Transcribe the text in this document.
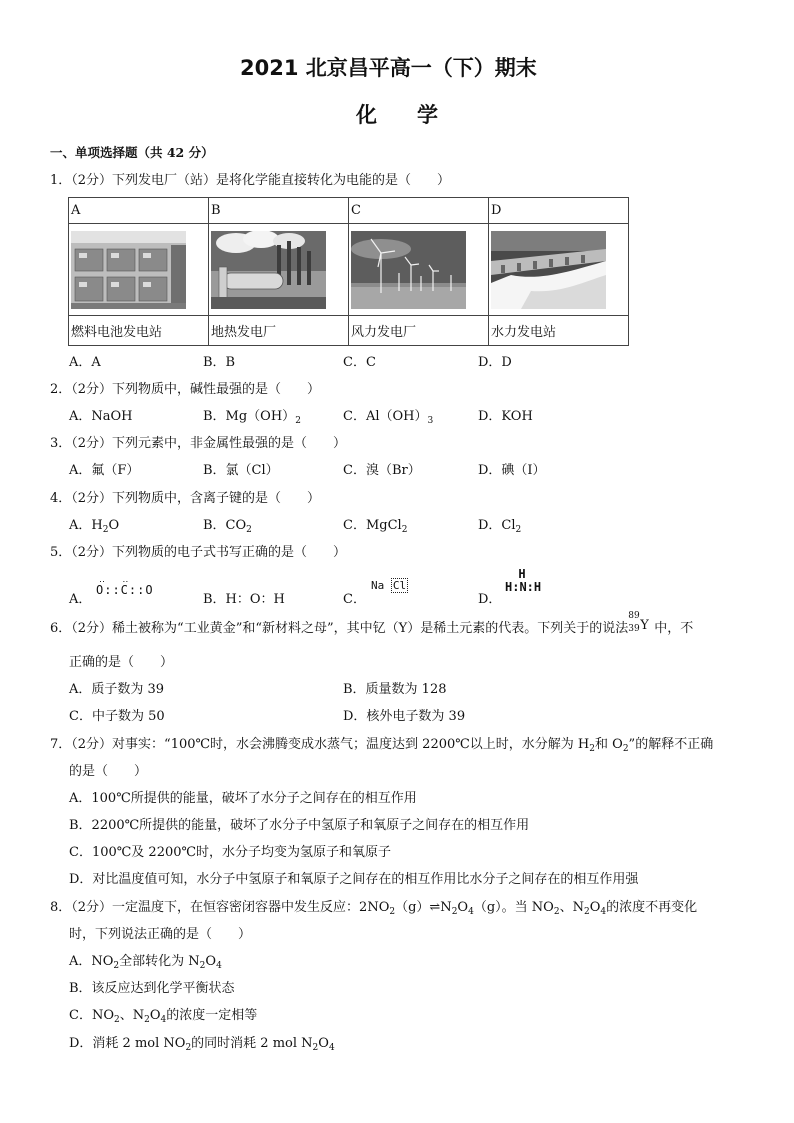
2021 北京昌平高一（下）期末
化学
一、单项选择题（共 42 分）
1．（2分）下列发电厂（站）是将化学能直接转化为电能的是（　　）
A	B	C	D

燃料电池发电站	地热发电厂	风力发电厂	水力发电站
A．A	B．B	C．C	D．D
2．（2分）下列物质中，碱性最强的是（　　）
A．NaOH	B．$Mg(OH)_2$	C．$Al(OH)_3$	D．KOH
3．（2分）下列元素中，非金属性最强的是（　　）
A．氟（F）	B．氯（Cl）	C．溴（Br）	D．碘（I）
4．（2分）下列物质中，含离子键的是（　　）
A．$H_2O$	B．$CO_2$	C．MgCl$_2$	D．$Cl_2$
5．（2分）下列物质的电子式书写正确的是（　　）
A．
‥ ‥
O::C::O
B．H：O：H	C．
Na Cl
D．
H
H:N:H
6．（2分）稀土被称为“工业黄金”和“新材料之母”，其中钇（Y）是稀土元素的代表。下列关于的说法
89
39 Y 中，不
正确的是（　　）
A．质子数为 39	B．质量数为 128
C．中子数为 50	D．核外电子数为 39
7．（2分）对事实：“100℃时，水会沸腾变成水蒸气；温度达到 2200℃以上时，水分解为 $H_2$和 $O_2$”的解释不正确
的是（　　）
A．100℃所提供的能量，破坏了水分子之间存在的相互作用
B．2200℃所提供的能量，破坏了水分子中氢原子和氧原子之间存在的相互作用
C．100℃及 2200℃时，水分子均变为氢原子和氧原子
D．对比温度值可知，水分子中氢原子和氧原子之间存在的相互作用比水分子之间存在的相互作用强
8．（2分）一定温度下，在恒容密闭容器中发生反应：$2NO_2(g)\rightleftharpoons N_2O_4(g)$。当 $NO_2$、$N_2O_4$的浓度不再变化
时，下列说法正确的是（　　）
A．$NO_2$全部转化为 $N_2O_4$
B．该反应达到化学平衡状态
C．$NO_2$、$N_2O_4$的浓度一定相等
D．消耗 2 mol $NO_2$的同时消耗 2 mol $N_2O_4$
